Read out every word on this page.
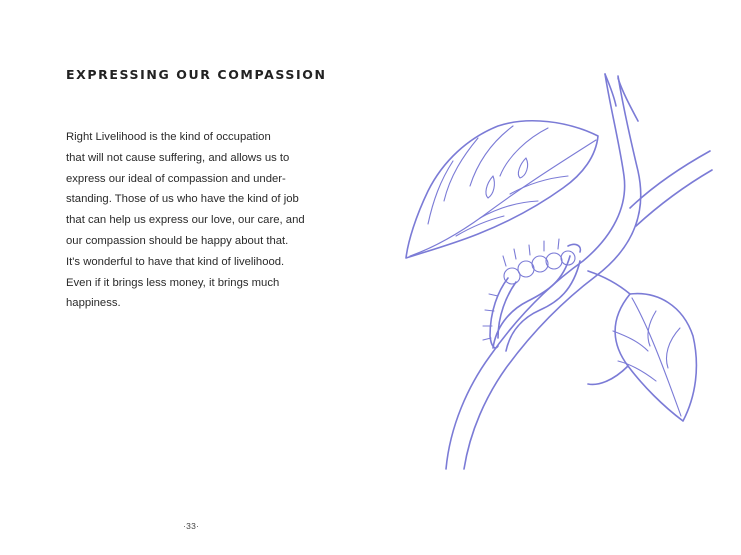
EXPRESSING OUR COMPASSION

Right Livelihood is the kind of occupation
that will not cause suffering, and allows us to
express our ideal of compassion and under-
standing. Those of us who have the kind of job
that can help us express our love, our care, and
our compassion should be happy about that.
It's wonderful to have that kind of livelihood.
Even if it brings less money, it brings much
happiness.

·33·
